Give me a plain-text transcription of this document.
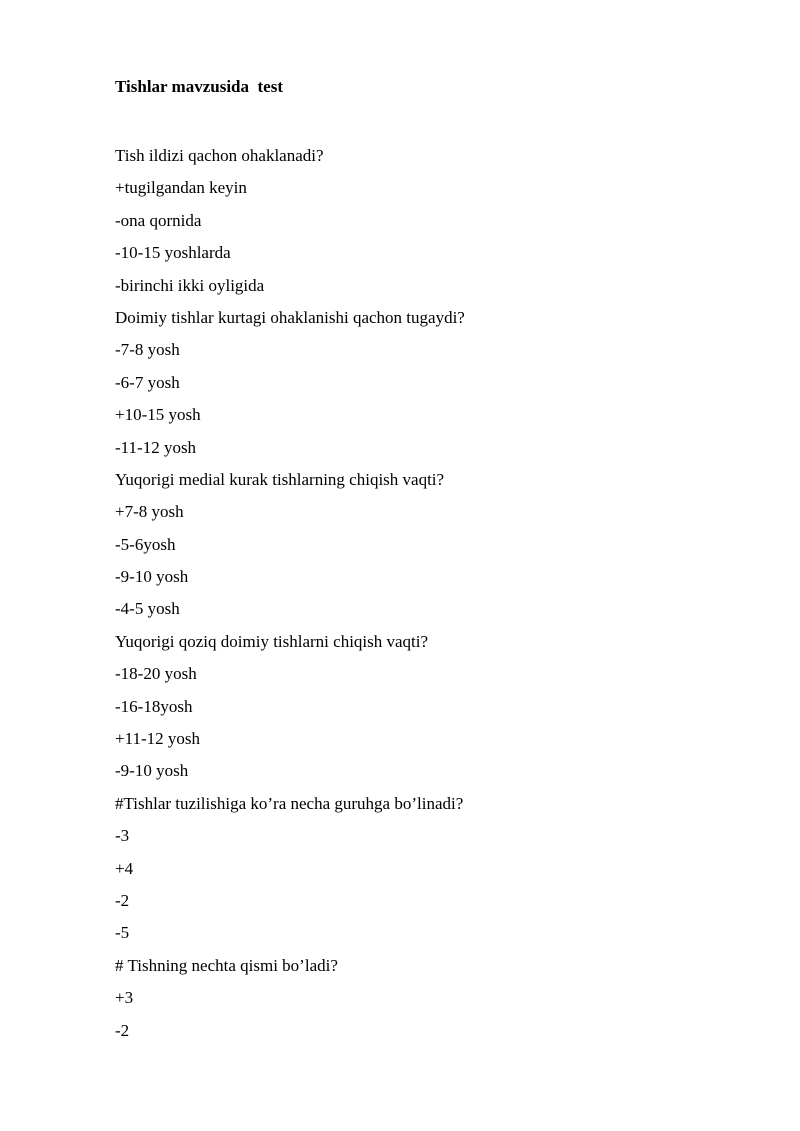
Tishlar mavzusida  test
Tish ildizi qachon ohaklanadi?
+tugilgandan keyin
-ona qornida
-10-15 yoshlarda
-birinchi ikki oyligida
Doimiy tishlar kurtagi ohaklanishi qachon tugaydi?
-7-8 yosh
-6-7 yosh
+10-15 yosh
-11-12 yosh
Yuqorigi medial kurak tishlarning chiqish vaqti?
+7-8 yosh
-5-6yosh
-9-10 yosh
-4-5 yosh
Yuqorigi qoziq doimiy tishlarni chiqish vaqti?
-18-20 yosh
-16-18yosh
+11-12 yosh
-9-10 yosh
#Tishlar tuzilishiga ko’ra necha guruhga bo’linadi?
-3
+4
-2
-5
# Tishning nechta qismi bo’ladi?
+3
-2
